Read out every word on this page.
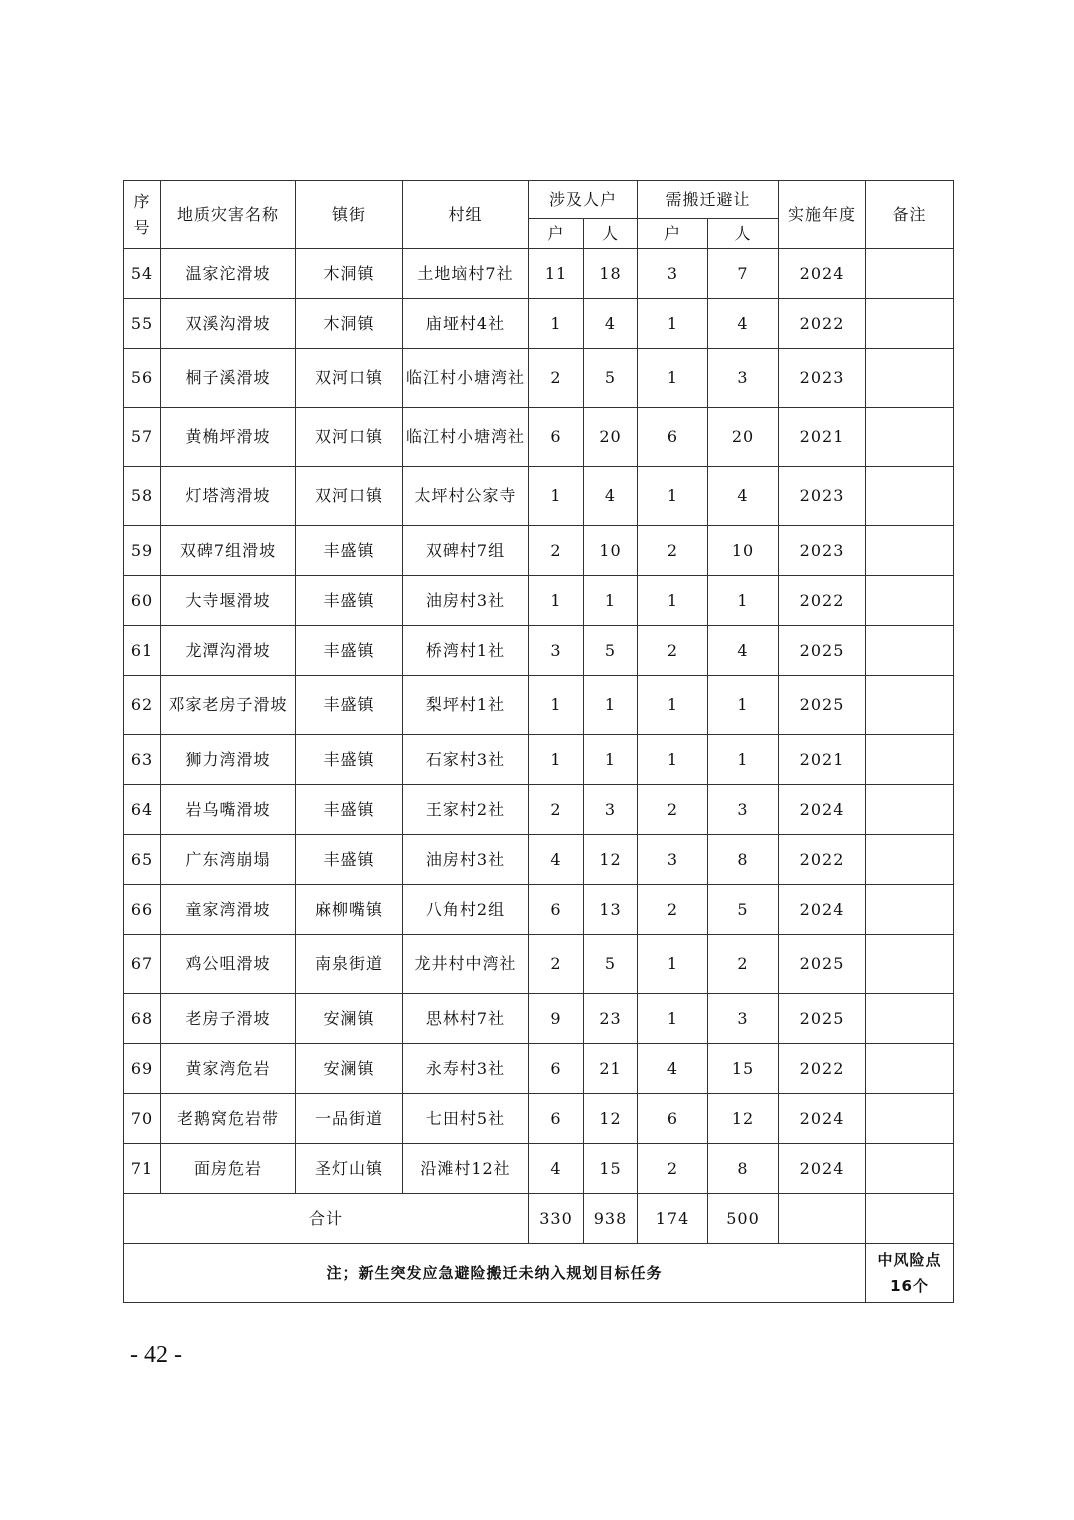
序号	地质灾害名称	镇街	村组	涉及人户		需搬迁避让		实施年度	备注
				户	人	户	人		
54	温家沱滑坡	木洞镇	土地垴村7社	11	18	3	7	2024	
55	双溪沟滑坡	木洞镇	庙垭村4社	1	4	1	4	2022	
56	桐子溪滑坡	双河口镇	临江村小塘湾社	2	5	1	3	2023	
57	黄桷坪滑坡	双河口镇	临江村小塘湾社	6	20	6	20	2021	
58	灯塔湾滑坡	双河口镇	太坪村公家寺	1	4	1	4	2023	
59	双碑7组滑坡	丰盛镇	双碑村7组	2	10	2	10	2023	
60	大寺堰滑坡	丰盛镇	油房村3社	1	1	1	1	2022	
61	龙潭沟滑坡	丰盛镇	桥湾村1社	3	5	2	4	2025	
62	邓家老房子滑坡	丰盛镇	梨坪村1社	1	1	1	1	2025	
63	狮力湾滑坡	丰盛镇	石家村3社	1	1	1	1	2021	
64	岩乌嘴滑坡	丰盛镇	王家村2社	2	3	2	3	2024	
65	广东湾崩塌	丰盛镇	油房村3社	4	12	3	8	2022	
66	童家湾滑坡	麻柳嘴镇	八角村2组	6	13	2	5	2024	
67	鸡公咀滑坡	南泉街道	龙井村中湾社	2	5	1	2	2025	
68	老房子滑坡	安澜镇	思林村7社	9	23	1	3	2025	
69	黄家湾危岩	安澜镇	永寿村3社	6	21	4	15	2022	
70	老鹅窝危岩带	一品街道	七田村5社	6	12	6	12	2024	
71	面房危岩	圣灯山镇	沿滩村12社	4	15	2	8	2024	
合计				330	938	174	500		
注；新生突发应急避险搬迁未纳入规划目标任务									中风险点16个
- 42 -
